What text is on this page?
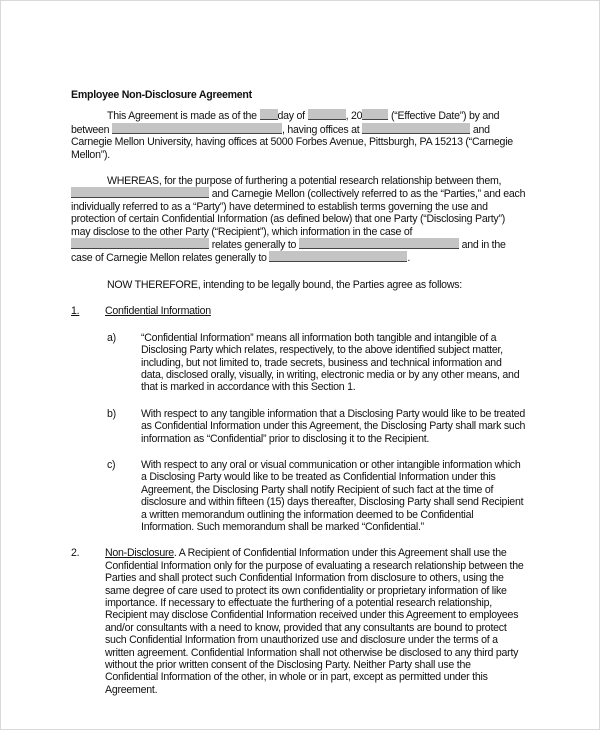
Employee Non-Disclosure Agreement

This Agreement is made as of the day of	, 20 (“Effective Date”) by and between	, having offices at	and Carnegie Mellon University, having offices at 5000 Forbes Avenue, Pittsburgh, PA 15213 (“Carnegie Mellon”).

WHEREAS, for the purpose of furthering a potential research relationship between them,  and Carnegie Mellon (collectively referred to as the “Parties,” and each individually referred to as a “Party”) have determined to establish terms governing the use and protection of certain Confidential Information (as defined below) that one Party (“Disclosing Party”) may disclose to the other Party (“Recipient”), which information in the case of  relates generally to	and in the case of Carnegie Mellon relates generally to	.

NOW THEREFORE, intending to be legally bound, the Parties agree as follows:

1.	Confidential Information
a)	“Confidential Information” means all information both tangible and intangible of a Disclosing Party which relates, respectively, to the above identified subject matter, including, but not limited to, trade secrets, business and technical information and data, disclosed orally, visually, in writing, electronic media or by any other means, and that is marked in accordance with this Section 1.
b)	With respect to any tangible information that a Disclosing Party would like to be treated as Confidential Information under this Agreement, the Disclosing Party shall mark such information as “Confidential” prior to disclosing it to the Recipient.
c)	With respect to any oral or visual communication or other intangible information which a Disclosing Party would like to be treated as Confidential Information under this Agreement, the Disclosing Party shall notify Recipient of such fact at the time of disclosure and within fifteen (15) days thereafter, Disclosing Party shall send Recipient a written memorandum outlining the information deemed to be Confidential Information. Such memorandum shall be marked “Confidential.”
2.	Non-Disclosure. A Recipient of Confidential Information under this Agreement shall use the Confidential Information only for the purpose of evaluating a research relationship between the Parties and shall protect such Confidential Information from disclosure to others, using the same degree of care used to protect its own confidentiality or proprietary information of like importance. If necessary to effectuate the furthering of a potential research relationship, Recipient may disclose Confidential Information received under this Agreement to employees and/or consultants with a need to know, provided that any consultants are bound to protect such Confidential Information from unauthorized use and disclosure under the terms of a written agreement. Confidential Information shall not otherwise be disclosed to any third party without the prior written consent of the Disclosing Party. Neither Party shall use the Confidential Information of the other, in whole or in part, except as permitted under this Agreement.
